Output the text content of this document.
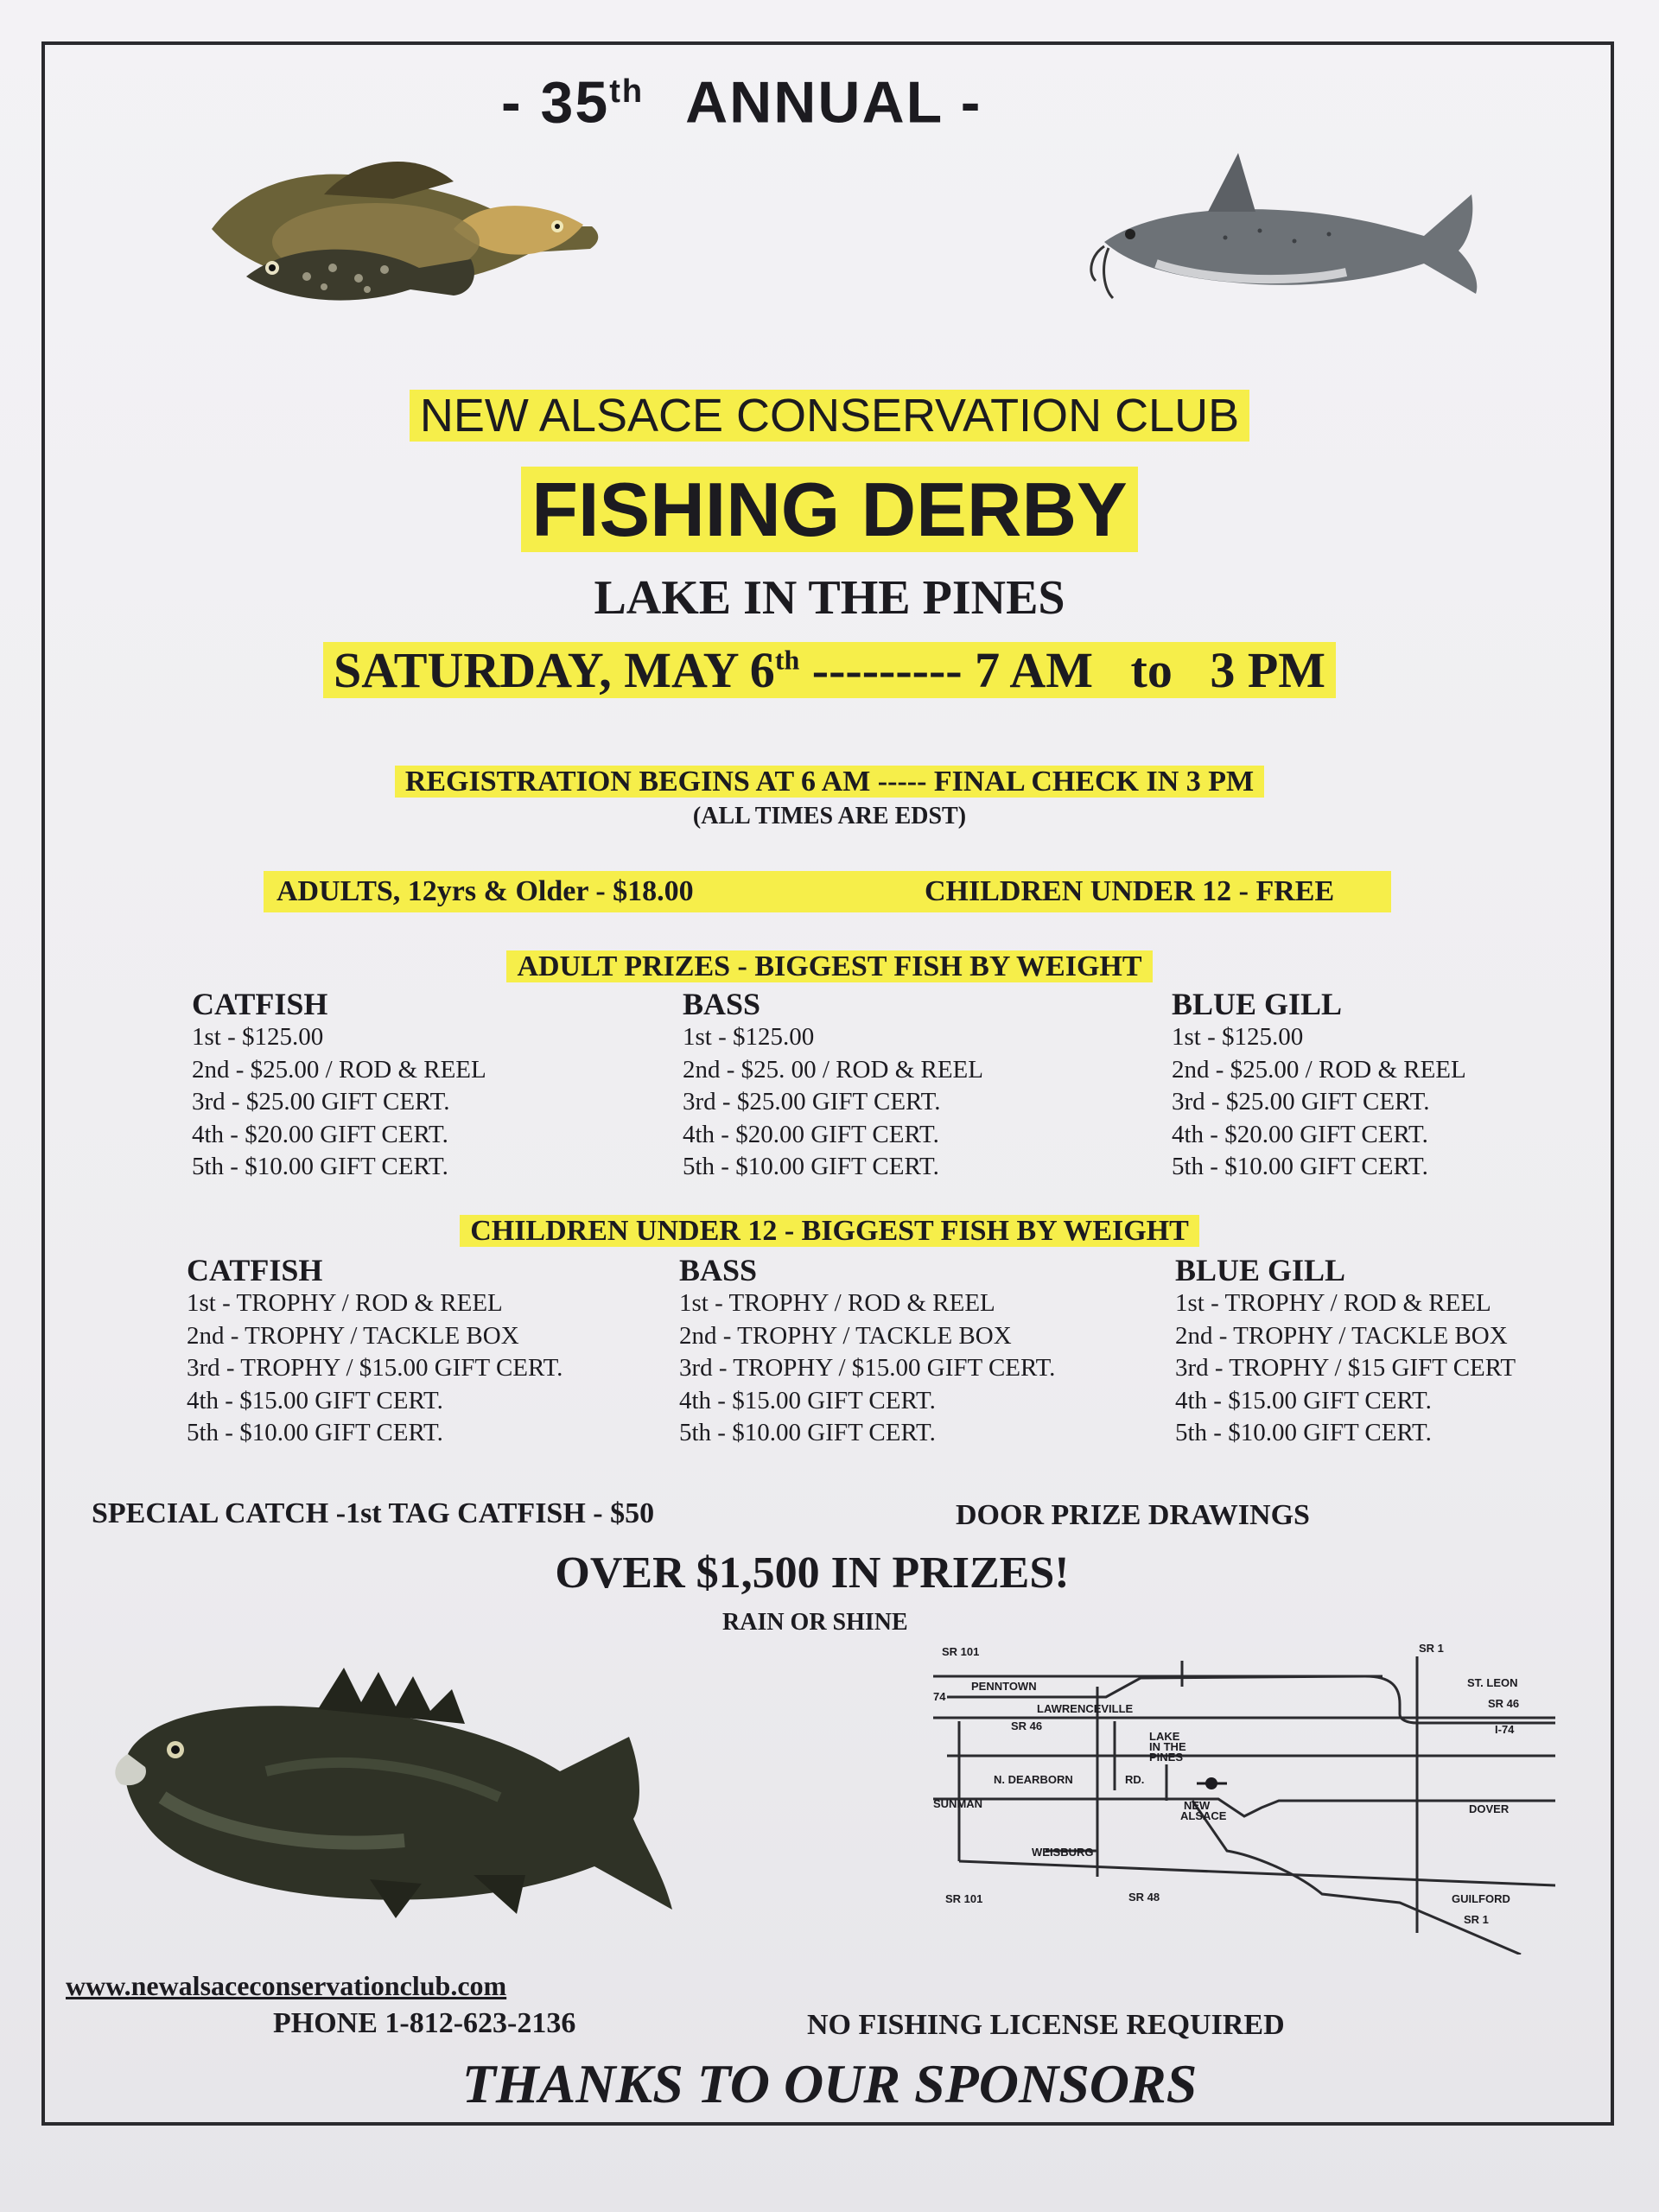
- 35th ANNUAL -
NEW ALSACE CONSERVATION CLUB
FISHING DERBY
LAKE IN THE PINES
SATURDAY, MAY 6th --------- 7 AM   to   3 PM
REGISTRATION BEGINS AT 6 AM ----- FINAL CHECK IN 3 PM
(ALL TIMES ARE EDST)
ADULTS, 12yrs & Older - $18.00	CHILDREN UNDER 12 - FREE
ADULT PRIZES - BIGGEST FISH BY WEIGHT
CATFISH
1st - $125.00
2nd - $25.00 / ROD & REEL
3rd - $25.00 GIFT CERT.
4th - $20.00 GIFT CERT.
5th - $10.00 GIFT CERT.
BASS
1st - $125.00
2nd - $25. 00 / ROD & REEL
3rd - $25.00 GIFT CERT.
4th - $20.00 GIFT CERT.
5th - $10.00 GIFT CERT.
BLUE GILL
1st - $125.00
2nd - $25.00 / ROD & REEL
3rd - $25.00 GIFT CERT.
4th - $20.00 GIFT CERT.
5th - $10.00 GIFT CERT.
CHILDREN UNDER 12 - BIGGEST FISH BY WEIGHT
CATFISH
1st - TROPHY / ROD & REEL
2nd - TROPHY / TACKLE BOX
3rd - TROPHY / $15.00 GIFT CERT.
4th - $15.00 GIFT CERT.
5th - $10.00 GIFT CERT.
BASS
1st - TROPHY / ROD & REEL
2nd - TROPHY / TACKLE BOX
3rd - TROPHY / $15.00 GIFT CERT.
4th - $15.00 GIFT CERT.
5th - $10.00 GIFT CERT.
BLUE GILL
1st - TROPHY / ROD & REEL
2nd - TROPHY / TACKLE BOX
3rd - TROPHY / $15 GIFT CERT
4th - $15.00 GIFT CERT.
5th - $10.00 GIFT CERT.
SPECIAL CATCH -1st TAG CATFISH - $50	DOOR PRIZE DRAWINGS
OVER $1,500 IN PRIZES!
RAIN OR SHINE
SR 101	SR 1
PENNTOWN
74
LAWRENCEVILLE
SR 46
LAKE
IN THE
PINES
ST. LEON
SR 46
I-74
N. DEARBORN	RD.
SUNMAN	NEW
ALSACE
DOVER
WEISBURG
SR 101	SR 48	GUILFORD
SR 1
www.newalsaceconservationclub.com
PHONE 1-812-623-2136	NO FISHING LICENSE REQUIRED
THANKS TO OUR SPONSORS
